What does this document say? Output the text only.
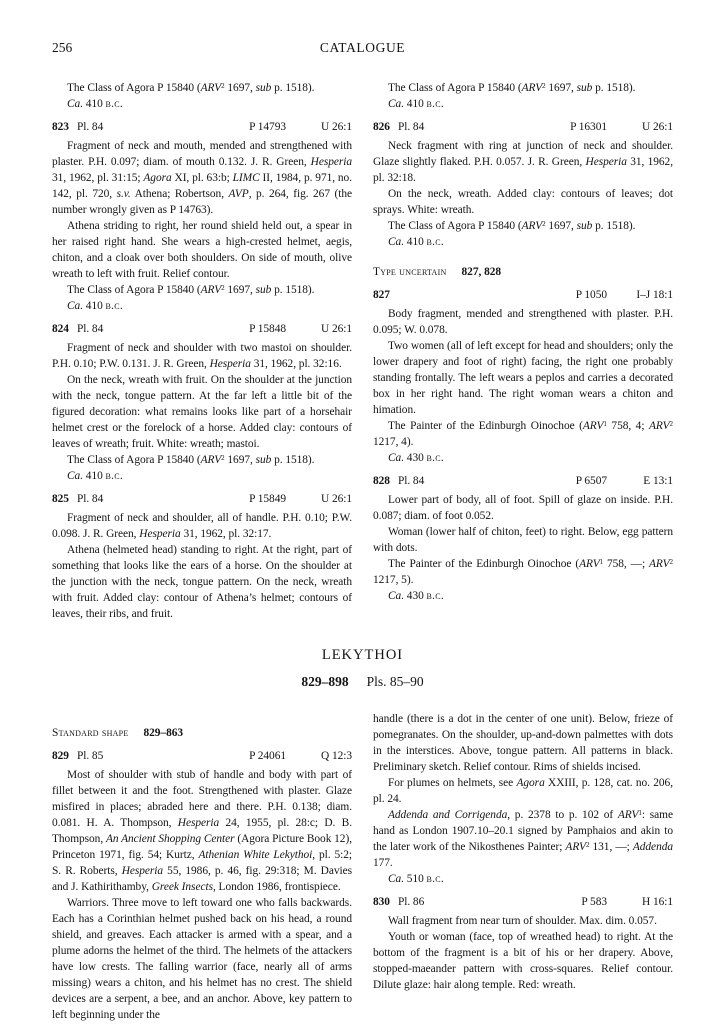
256	CATALOGUE

The Class of Agora P 15840 (ARV$^2$ 1697, sub p. 1518).

Ca. 410 b.c.

823 Pl. 84	P 14793	U 26:1

Fragment of neck and mouth, mended and strengthened with plaster. P.H. 0.097; diam. of mouth 0.132. J. R. Green, Hesperia 31, 1962, pl. 31:15; Agora XI, pl. 63:b; LIMC II, 1984, p. 971, no. 142, pl. 720, s.v. Athena; Robertson, AVP, p. 264, fig. 267 (the number wrongly given as P 14763).

Athena striding to right, her round shield held out, a spear in her raised right hand. She wears a high-crested helmet, aegis, chiton, and a cloak over both shoulders. On side of mouth, olive wreath to left with fruit. Relief contour.

The Class of Agora P 15840 (ARV$^2$ 1697, sub p. 1518).

Ca. 410 b.c.

824 Pl. 84	P 15848	U 26:1

Fragment of neck and shoulder with two mastoi on shoulder. P.H. 0.10; P.W. 0.131. J. R. Green, Hesperia 31, 1962, pl. 32:16.

On the neck, wreath with fruit. On the shoulder at the junction with the neck, tongue pattern. At the far left a little bit of the figured decoration: what remains looks like part of a horsehair helmet crest or the forelock of a horse. Added clay: contours of leaves of wreath; fruit. White: wreath; mastoi.

The Class of Agora P 15840 (ARV$^2$ 1697, sub p. 1518).

Ca. 410 b.c.

825 Pl. 84	P 15849	U 26:1

Fragment of neck and shoulder, all of handle. P.H. 0.10; P.W. 0.098. J. R. Green, Hesperia 31, 1962, pl. 32:17.

Athena (helmeted head) standing to right. At the right, part of something that looks like the ears of a horse. On the shoulder at the junction with the neck, tongue pattern. On the neck, wreath with fruit. Added clay: contour of Athena’s helmet; contours of leaves, their ribs, and fruit.

The Class of Agora P 15840 (ARV$^2$ 1697, sub p. 1518).

Ca. 410 b.c.

826 Pl. 84	P 16301	U 26:1

Neck fragment with ring at junction of neck and shoulder. Glaze slightly flaked. P.H. 0.057. J. R. Green, Hesperia 31, 1962, pl. 32:18.

On the neck, wreath. Added clay: contours of leaves; dot sprays. White: wreath.

The Class of Agora P 15840 (ARV$^2$ 1697, sub p. 1518).

Ca. 410 b.c.

Type uncertain 827, 828
827	P 1050	I–J 18:1

Body fragment, mended and strengthened with plaster. P.H. 0.095; W. 0.078.

Two women (all of left except for head and shoulders; only the lower drapery and foot of right) facing, the right one probably standing frontally. The left wears a peplos and carries a decorated box in her right hand. The right woman wears a chiton and himation.

The Painter of the Edinburgh Oinochoe (ARV$^1$ 758, 4; ARV$^2$ 1217, 4).

Ca. 430 b.c.

828 Pl. 84	P 6507	E 13:1

Lower part of body, all of foot. Spill of glaze on inside. P.H. 0.087; diam. of foot 0.052.

Woman (lower half of chiton, feet) to right. Below, egg pattern with dots.

The Painter of the Edinburgh Oinochoe (ARV$^1$ 758, —; ARV$^2$ 1217, 5).

Ca. 430 b.c.

LEKYTHOI
829–898 Pls. 85–90
Standard shape 829–863
829 Pl. 85	P 24061	Q 12:3

Most of shoulder with stub of handle and body with part of fillet between it and the foot. Strengthened with plaster. Glaze misfired in places; abraded here and there. P.H. 0.138; diam. 0.081. H. A. Thompson, Hesperia 24, 1955, pl. 28:c; D. B. Thompson, An Ancient Shopping Center (Agora Picture Book 12), Princeton 1971, fig. 54; Kurtz, Athenian White Lekythoi, pl. 5:2; S. R. Roberts, Hesperia 55, 1986, p. 46, fig. 29:318; M. Davies and J. Kathirithamby, Greek Insects, London 1986, frontispiece.

Warriors. Three move to left toward one who falls backwards. Each has a Corinthian helmet pushed back on his head, a round shield, and greaves. Each attacker is armed with a spear, and a plume adorns the helmet of the third. The helmets of the attackers have low crests. The falling warrior (face, nearly all of arms missing) wears a chiton, and his helmet has no crest. The shield devices are a serpent, a bee, and an anchor. Above, key pattern to left beginning under the

handle (there is a dot in the center of one unit). Below, frieze of pomegranates. On the shoulder, up-and-down palmettes with dots in the interstices. Above, tongue pattern. All patterns in black. Preliminary sketch. Relief contour. Rims of shields incised.

For plumes on helmets, see Agora XXIII, p. 128, cat. no. 206, pl. 24.

Addenda and Corrigenda, p. 2378 to p. 102 of ARV$^1$: same hand as London 1907.10–20.1 signed by Pamphaios and akin to the later work of the Nikosthenes Painter; ARV$^2$ 131, —; Addenda 177.

Ca. 510 b.c.

830 Pl. 86	P 583	H 16:1

Wall fragment from near turn of shoulder. Max. dim. 0.057.

Youth or woman (face, top of wreathed head) to right. At the bottom of the fragment is a bit of his or her drapery. Above, stopped-maeander pattern with cross-squares. Relief contour. Dilute glaze: hair along temple. Red: wreath.
